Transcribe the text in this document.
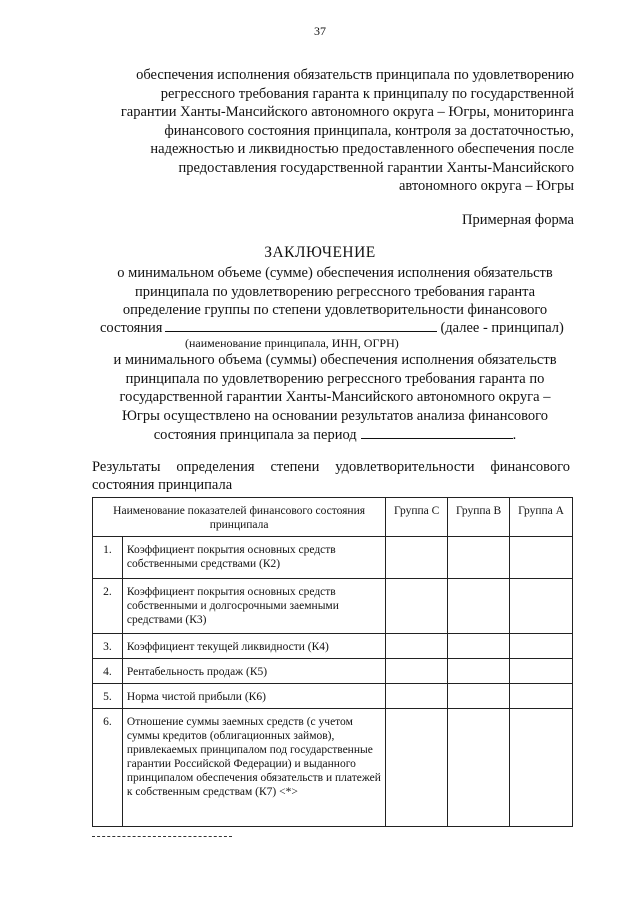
37
обеспечения исполнения обязательств принципала по удовлетворению
регрессного требования гаранта к принципалу по государственной
гарантии Ханты-Мансийского автономного округа – Югры, мониторинга
финансового состояния принципала, контроля за достаточностью,
надежностью и ликвидностью предоставленного обеспечения после
предоставления государственной гарантии Ханты-Мансийского
автономного округа – Югры
Примерная форма
ЗАКЛЮЧЕНИЕ
о минимальном объеме (сумме) обеспечения исполнения обязательств
принципала по удовлетворению регрессного требования гаранта
определение группы по степени удовлетворительности финансового
состояния	(далее - принципал)
(наименование принципала, ИНН, ОГРН)
и минимального объема (суммы) обеспечения исполнения обязательств
принципала по удовлетворению регрессного требования гаранта по
государственной гарантии Ханты-Мансийского автономного округа –
Югры осуществлено на основании результатов анализа финансового
состояния принципала за период	.
Результаты определения степени удовлетворительности финансового
состояния принципала
Наименование показателей финансового состояния принципала		Группа C	Группа B	Группа A
1.	Коэффициент покрытия основных средств собственными средствами (К2)			
2.	Коэффициент покрытия основных средств собственными и долгосрочными заемными средствами (К3)			
3.	Коэффициент текущей ликвидности (К4)			
4.	Рентабельность продаж (К5)			
5.	Норма чистой прибыли (К6)			
6.	Отношение суммы заемных средств (с учетом суммы кредитов (облигационных займов), привлекаемых принципалом под государственные гарантии Российской Федерации) и выданного принципалом обеспечения обязательств и платежей к собственным средствам (К7) <*>			
